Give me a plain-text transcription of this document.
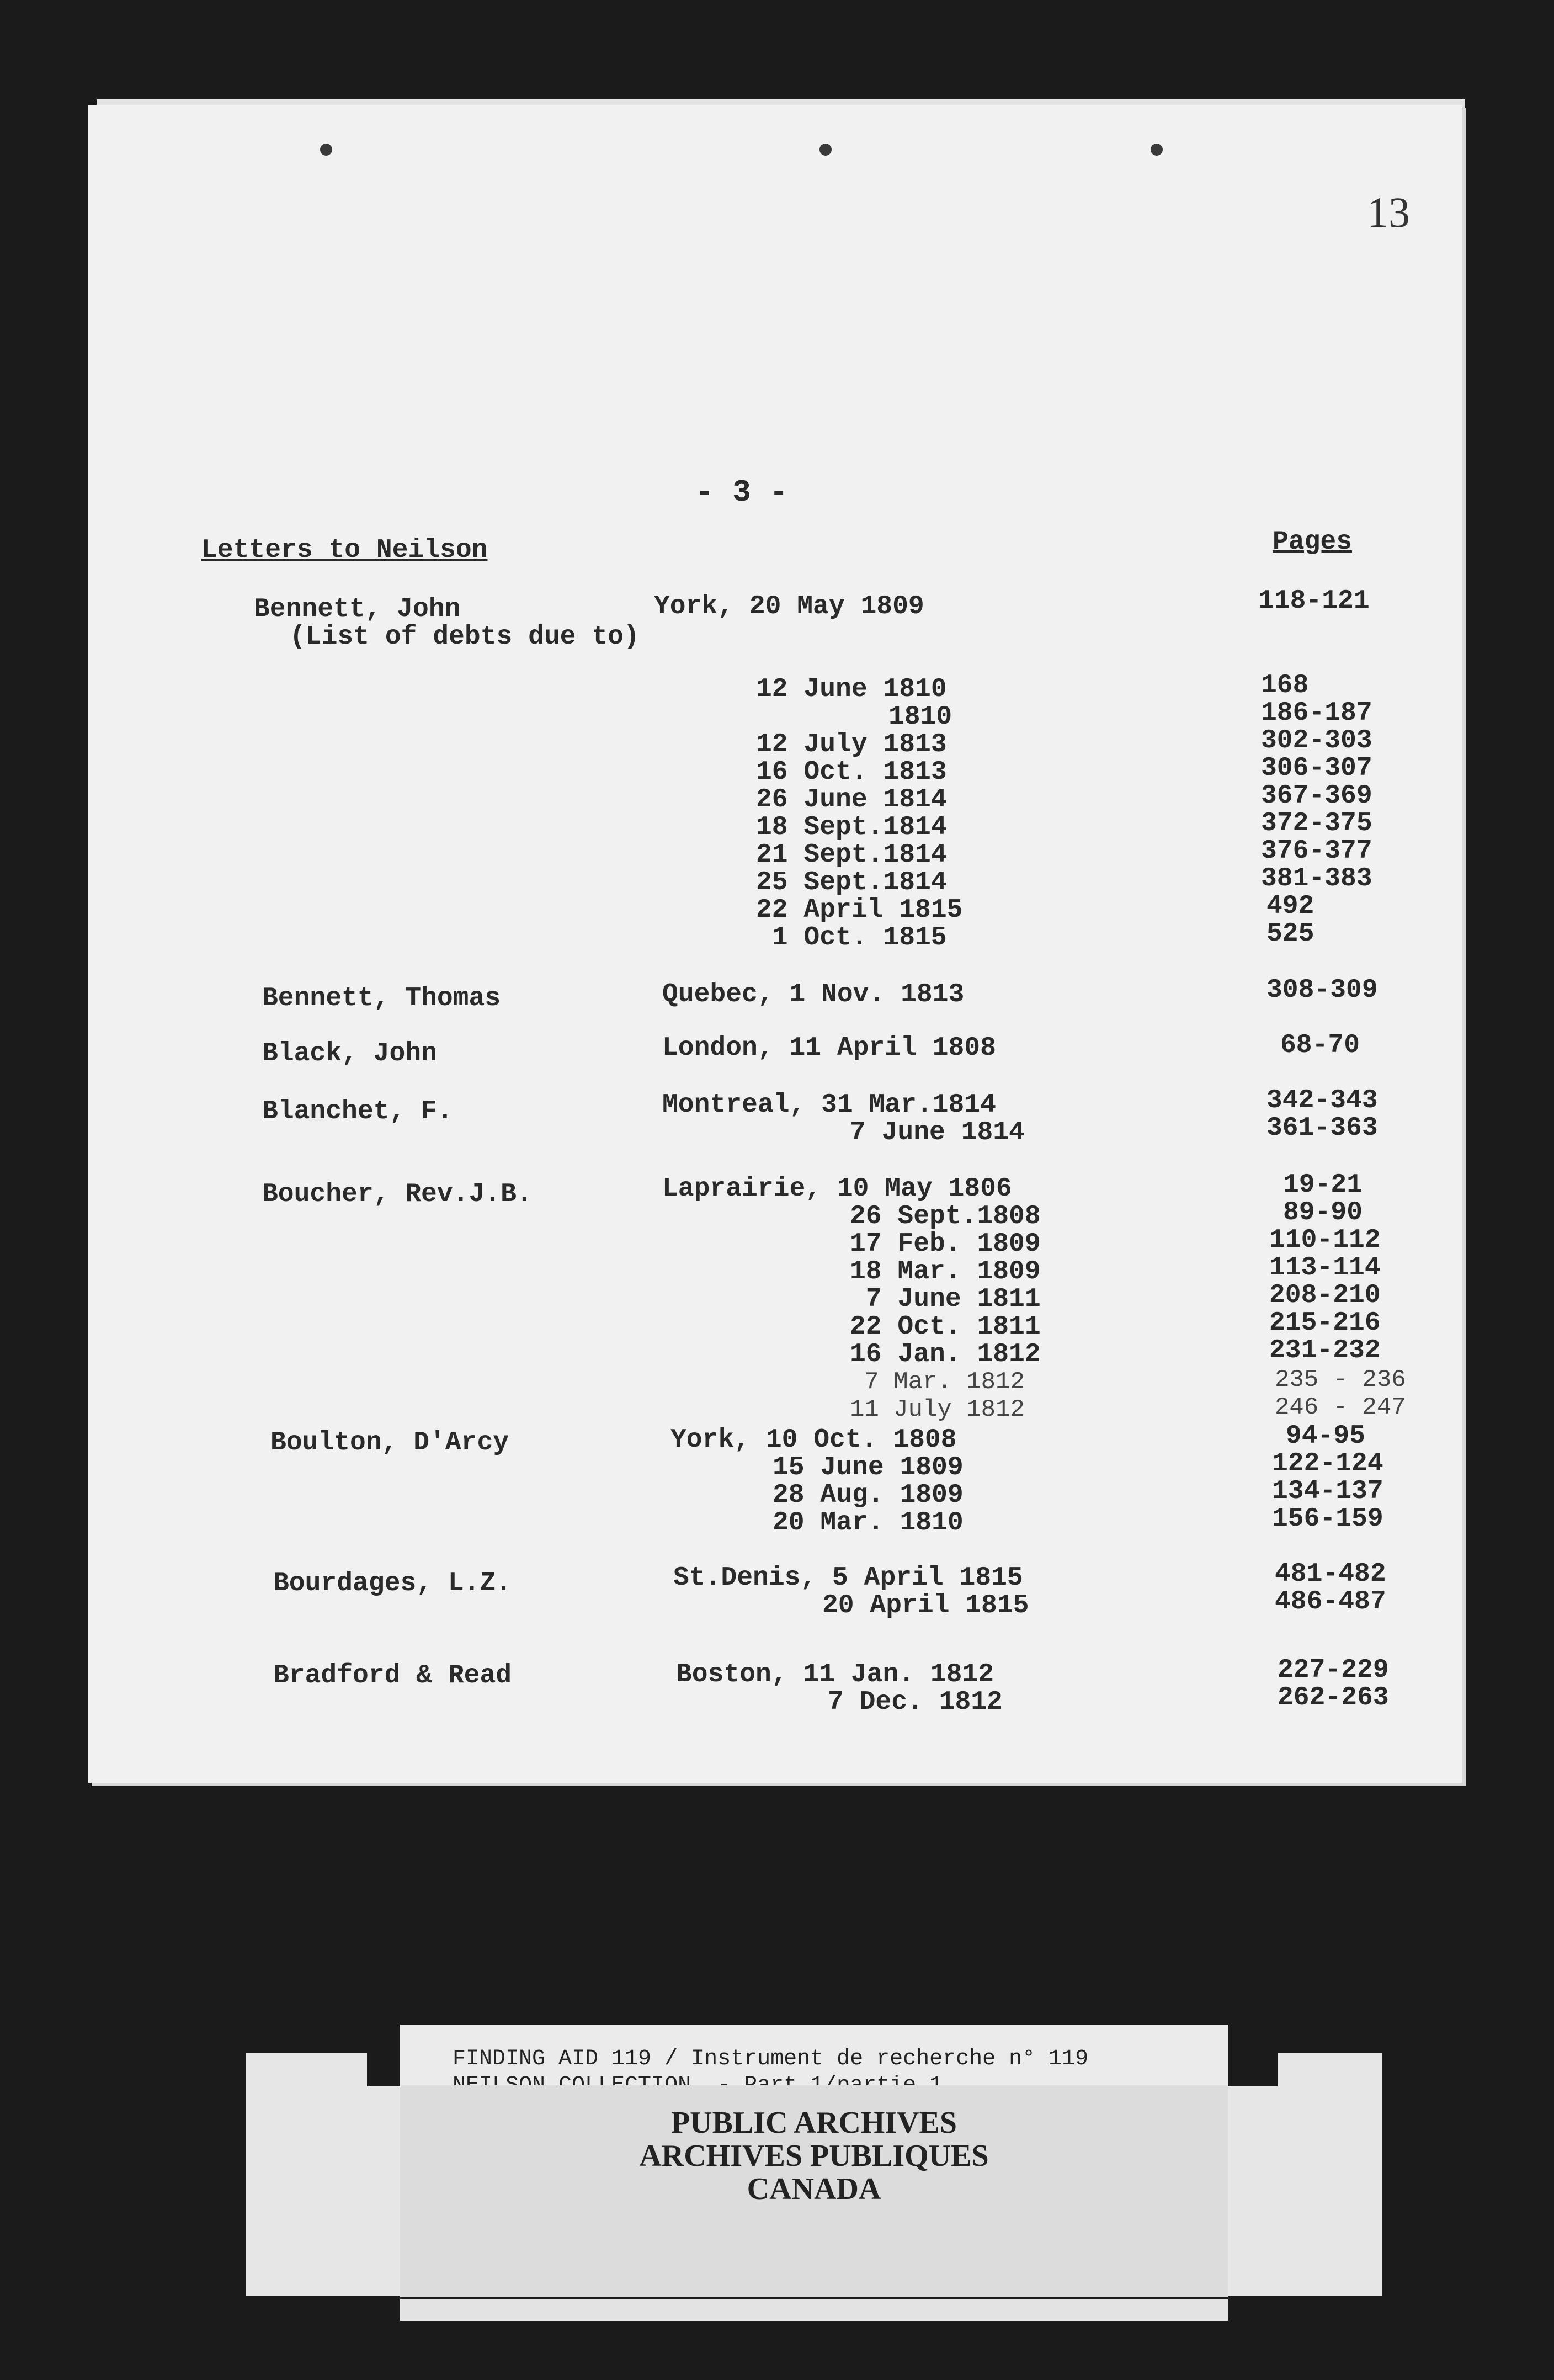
13
- 3 -
Letters to Neilson	Pages
Bennett, John	York, 20 May 1809	118-121
(List of debts due to)
12 June 1810	168
1810	186-187
12 July 1813	302-303
16 Oct. 1813	306-307
26 June 1814	367-369
18 Sept.1814	372-375
21 Sept.1814	376-377
25 Sept.1814	381-383
22 April 1815	492
1 Oct. 1815	525
Bennett, Thomas	Quebec, 1 Nov. 1813	308-309
Black, John	London, 11 April 1808	68-70
Blanchet, F.	Montreal, 31 Mar.1814	342-343
7 June 1814	361-363
Boucher, Rev.J.B.	Laprairie, 10 May 1806	19-21
26 Sept.1808	89-90
17 Feb. 1809	110-112
18 Mar. 1809	113-114
7 June 1811	208-210
22 Oct. 1811	215-216
16 Jan. 1812	231-232
7 Mar. 1812	235 - 236
11 July 1812	246 - 247
Boulton, D'Arcy	York, 10 Oct. 1808	94-95
15 June 1809	122-124
28 Aug. 1809	134-137
20 Mar. 1810	156-159
Bourdages, L.Z.	St.Denis, 5 April 1815	481-482
20 April 1815	486-487
Bradford & Read	Boston, 11 Jan. 1812	227-229
7 Dec. 1812	262-263
FINDING AID 119 / Instrument de recherche n° 119
PUBLIC ARCHIVES
ARCHIVES PUBLIQUES
CANADA
